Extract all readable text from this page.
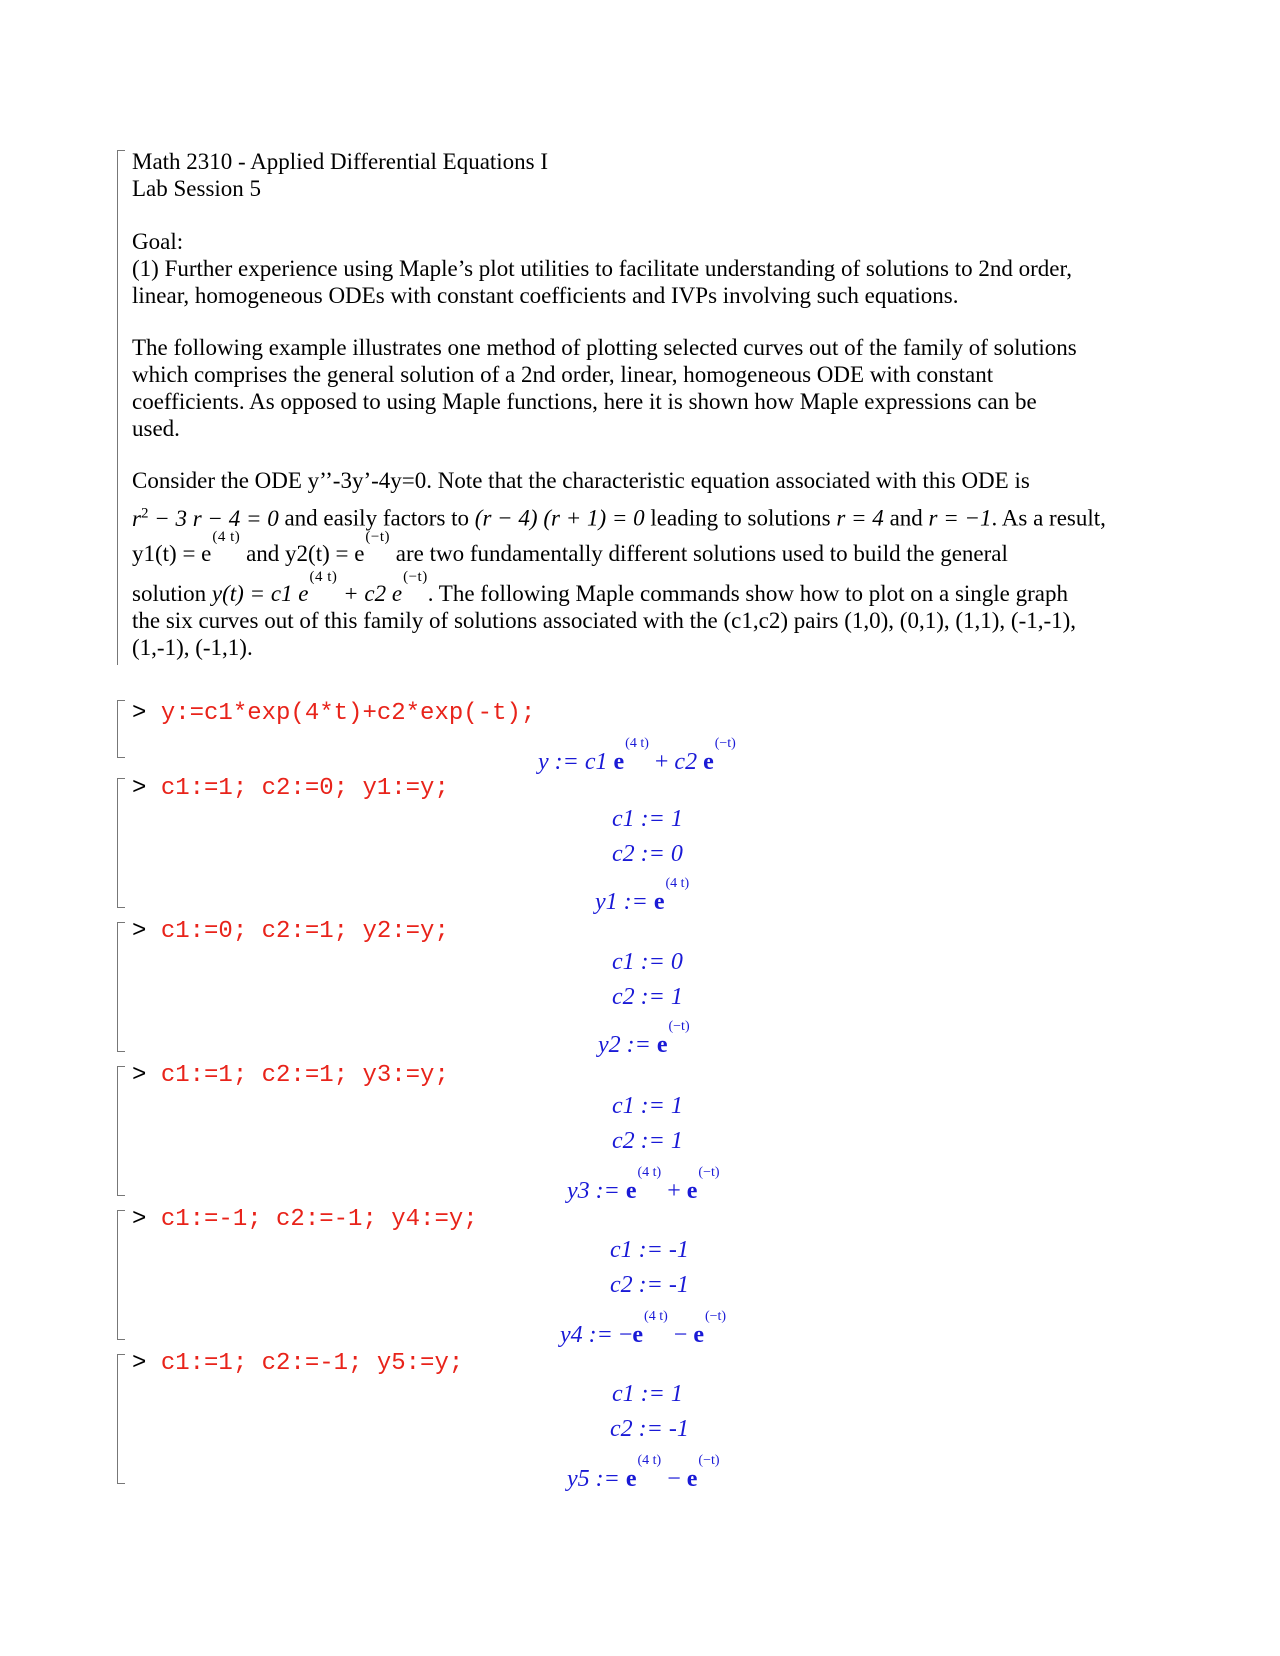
Math 2310 - Applied Differential Equations I
Lab Session 5
Goal:
(1) Further experience using Maple’s plot utilities to facilitate understanding of solutions to 2nd order,
linear, homogeneous ODEs with constant coefficients and IVPs involving such equations.
The following example illustrates one method of plotting selected curves out of the family of solutions
which comprises the general solution of a 2nd order, linear, homogeneous ODE with constant
coefficients. As opposed to using Maple functions, here it is shown how Maple expressions can be
used.
Consider the ODE y’’-3y’-4y=0. Note that the characteristic equation associated with this ODE is
$r^2 - 3$ r − 4 = 0 and easily factors to (r − 4) (r + 1) = 0 leading to solutions r = 4 and r = −1. As a result,
$y1(t) = e^{(4 t)}$ and $y2(t) = e^{(-t)}$ are two fundamentally different solutions used to build the general
solution y(t) = c1 $e^{(4 t)} + c2$ $e^{(-t)}$. The following Maple commands show how to plot on a single graph
the six curves out of this family of solutions associated with the (c1,c2) pairs (1,0), (0,1), (1,1), (-1,-1),
(1,-1), (-1,1).
> y:=c1*exp(4*t)+c2*exp(-t);
y := c1 $e^{(4 t)} + c2$ $e^{(-t)}$
> c1:=1; c2:=0; y1:=y;
c1 := 1
c2 := 0
y1 := $e^{(4 t)}$
> c1:=0; c2:=1; y2:=y;
c1 := 0
c2 := 1
y2 := $e^{(-t)}$
> c1:=1; c2:=1; y3:=y;
c1 := 1
c2 := 1
y3 := $e^{(4 t)} + e^{(-t)}$
> c1:=-1; c2:=-1; y4:=y;
c1 := -1
c2 := -1
y4 := $-e^{(4 t)} - e^{(-t)}$
> c1:=1; c2:=-1; y5:=y;
c1 := 1
c2 := -1
y5 := $e^{(4 t)} - e^{(-t)}$
